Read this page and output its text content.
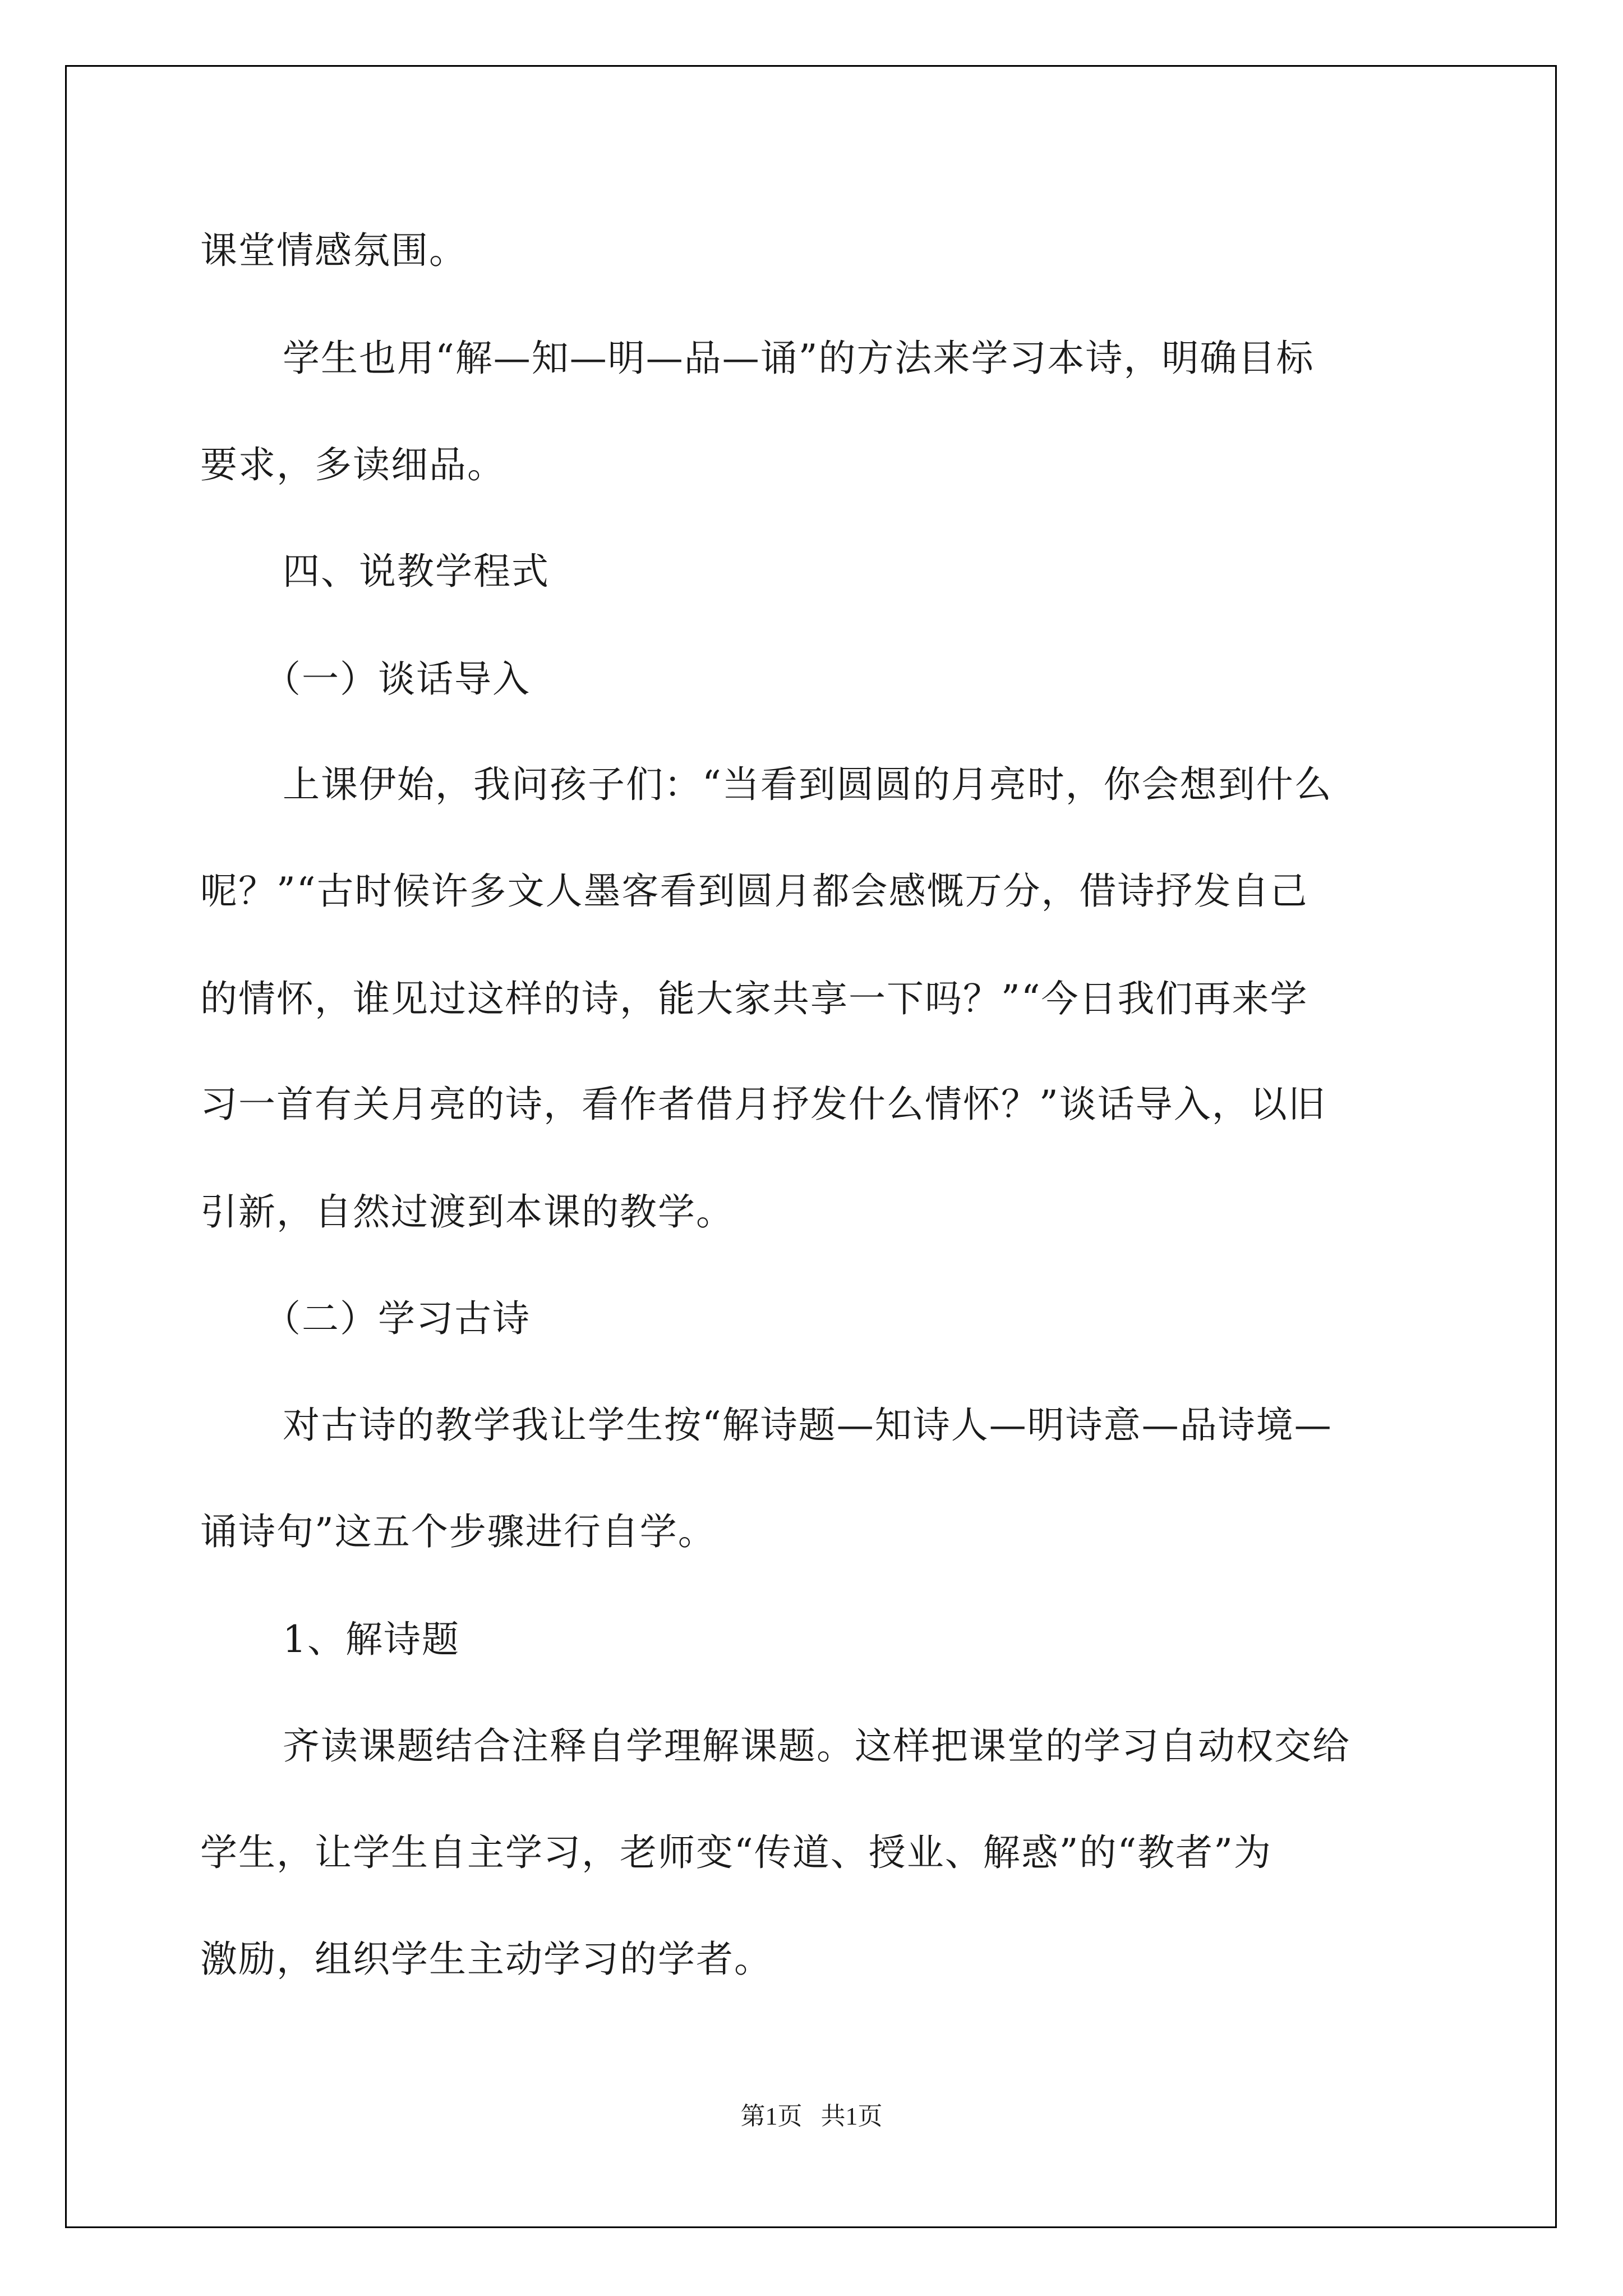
课堂情感氛围。
学生也用“解—知—明—品—诵”的方法来学习本诗，明确目标
要求，多读细品。
四、说教学程式
（一）谈话导入
上课伊始，我问孩子们：“当看到圆圆的月亮时，你会想到什么
呢？”“古时候许多文人墨客看到圆月都会感慨万分，借诗抒发自己
的情怀，谁见过这样的诗，能大家共享一下吗？”“今日我们再来学
习一首有关月亮的诗，看作者借月抒发什么情怀？”谈话导入，以旧
引新，自然过渡到本课的教学。
（二）学习古诗
对古诗的教学我让学生按“解诗题—知诗人—明诗意—品诗境—
诵诗句”这五个步骤进行自学。
1、解诗题
齐读课题结合注释自学理解课题。这样把课堂的学习自动权交给
学生，让学生自主学习，老师变“传道、授业、解惑”的“教者”为
激励，组织学生主动学习的学者。
第1页   共1页
